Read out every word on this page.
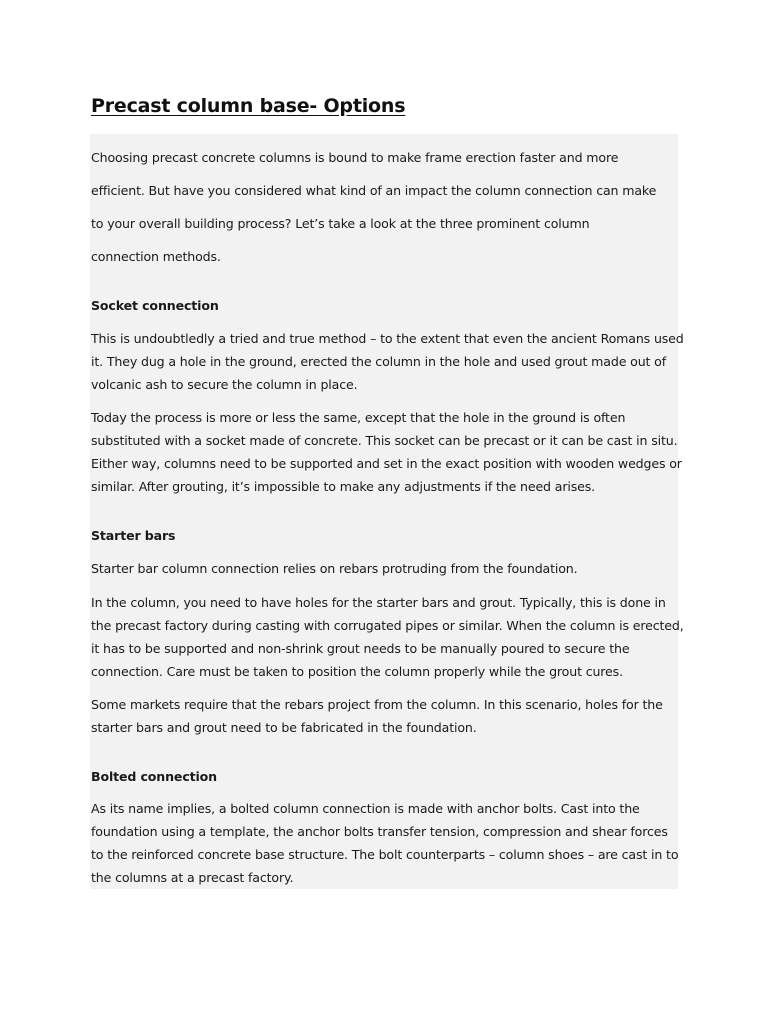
Precast column base- Options

Choosing precast concrete columns is bound to make frame erection faster and more
efficient. But have you considered what kind of an impact the column connection can make
to your overall building process? Let’s take a look at the three prominent column
connection methods.

Socket connection

This is undoubtledly a tried and true method – to the extent that even the ancient Romans used
it. They dug a hole in the ground, erected the column in the hole and used grout made out of
volcanic ash to secure the column in place.

Today the process is more or less the same, except that the hole in the ground is often
substituted with a socket made of concrete. This socket can be precast or it can be cast in situ.
Either way, columns need to be supported and set in the exact position with wooden wedges or
similar. After grouting, it’s impossible to make any adjustments if the need arises.

Starter bars

Starter bar column connection relies on rebars protruding from the foundation.

In the column, you need to have holes for the starter bars and grout. Typically, this is done in
the precast factory during casting with corrugated pipes or similar. When the column is erected,
it has to be supported and non-shrink grout needs to be manually poured to secure the
connection. Care must be taken to position the column properly while the grout cures.

Some markets require that the rebars project from the column. In this scenario, holes for the
starter bars and grout need to be fabricated in the foundation.

Bolted connection

As its name implies, a bolted column connection is made with anchor bolts. Cast into the
foundation using a template, the anchor bolts transfer tension, compression and shear forces
to the reinforced concrete base structure. The bolt counterparts – column shoes – are cast in to
the columns at a precast factory.
